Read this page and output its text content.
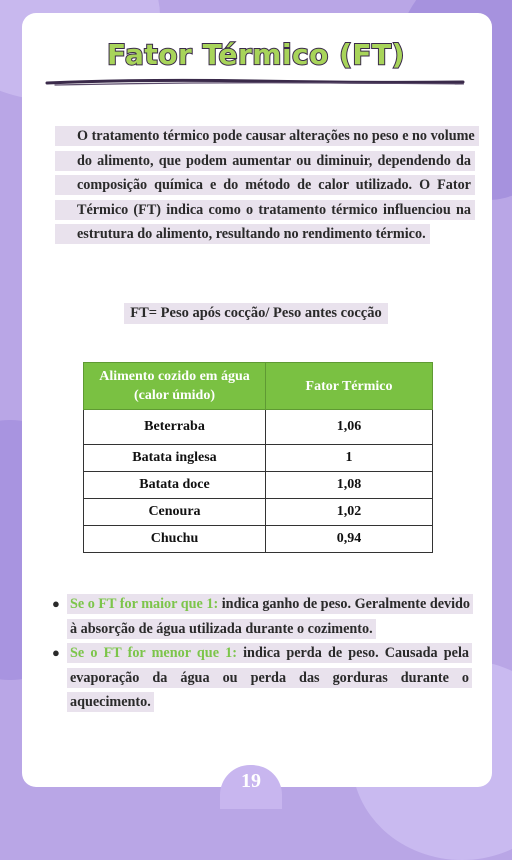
Fator Térmico (FT)
O tratamento térmico pode causar alterações no peso e no volume do alimento, que podem aumentar ou diminuir, dependendo da composição química e do método de calor utilizado. O Fator Térmico (FT) indica como o tratamento térmico influenciou na estrutura do alimento, resultando no rendimento térmico.
FT= Peso após cocção/ Peso antes cocção
Alimento cozido em água (calor úmido)	Fator Térmico
Beterraba	1,06
Batata inglesa	1
Batata doce	1,08
Cenoura	1,02
Chuchu	0,94
● Se o FT for maior que 1: indica ganho de peso. Geralmente devido à absorção de água utilizada durante o cozimento.
● Se o FT for menor que 1: indica perda de peso. Causada pela evaporação da água ou perda das gorduras durante o aquecimento.
19
